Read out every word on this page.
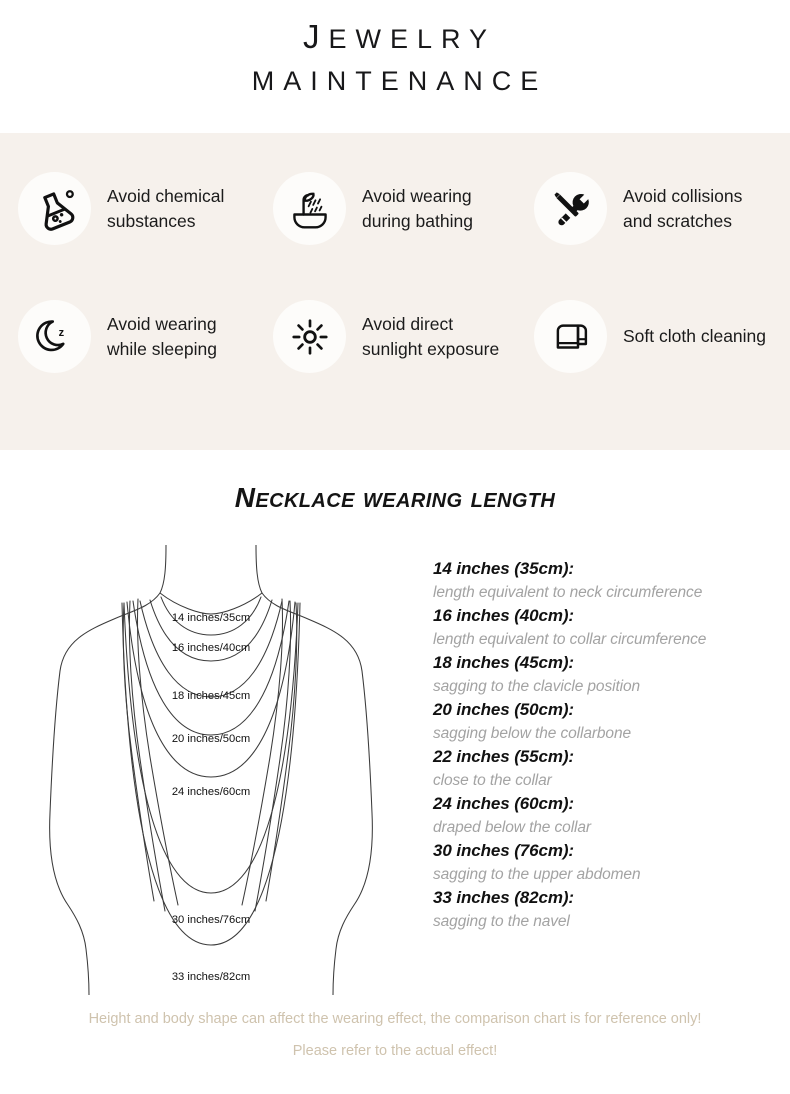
JEWELRY
MAINTENANCE
Avoid chemical substances
Avoid wearing during bathing
Avoid collisions and scratches
z Avoid wearing while sleeping
Avoid direct sunlight exposure
Soft cloth cleaning
Necklace wearing length
14 inches/35cm
16 inches/40cm
18 inches/45cm
20 inches/50cm
24 inches/60cm
30 inches/76cm
33 inches/82cm
14 inches (35cm):
length equivalent to neck circumference
16 inches (40cm):
length equivalent to collar circumference
18 inches (45cm):
sagging to the clavicle position
20 inches (50cm):
sagging below the collarbone
22 inches (55cm):
close to the collar
24 inches (60cm):
draped below the collar
30 inches (76cm):
sagging to the upper abdomen
33 inches (82cm):
sagging to the navel
Height and body shape can affect the wearing effect, the comparison chart is for reference only!
Please refer to the actual effect!
